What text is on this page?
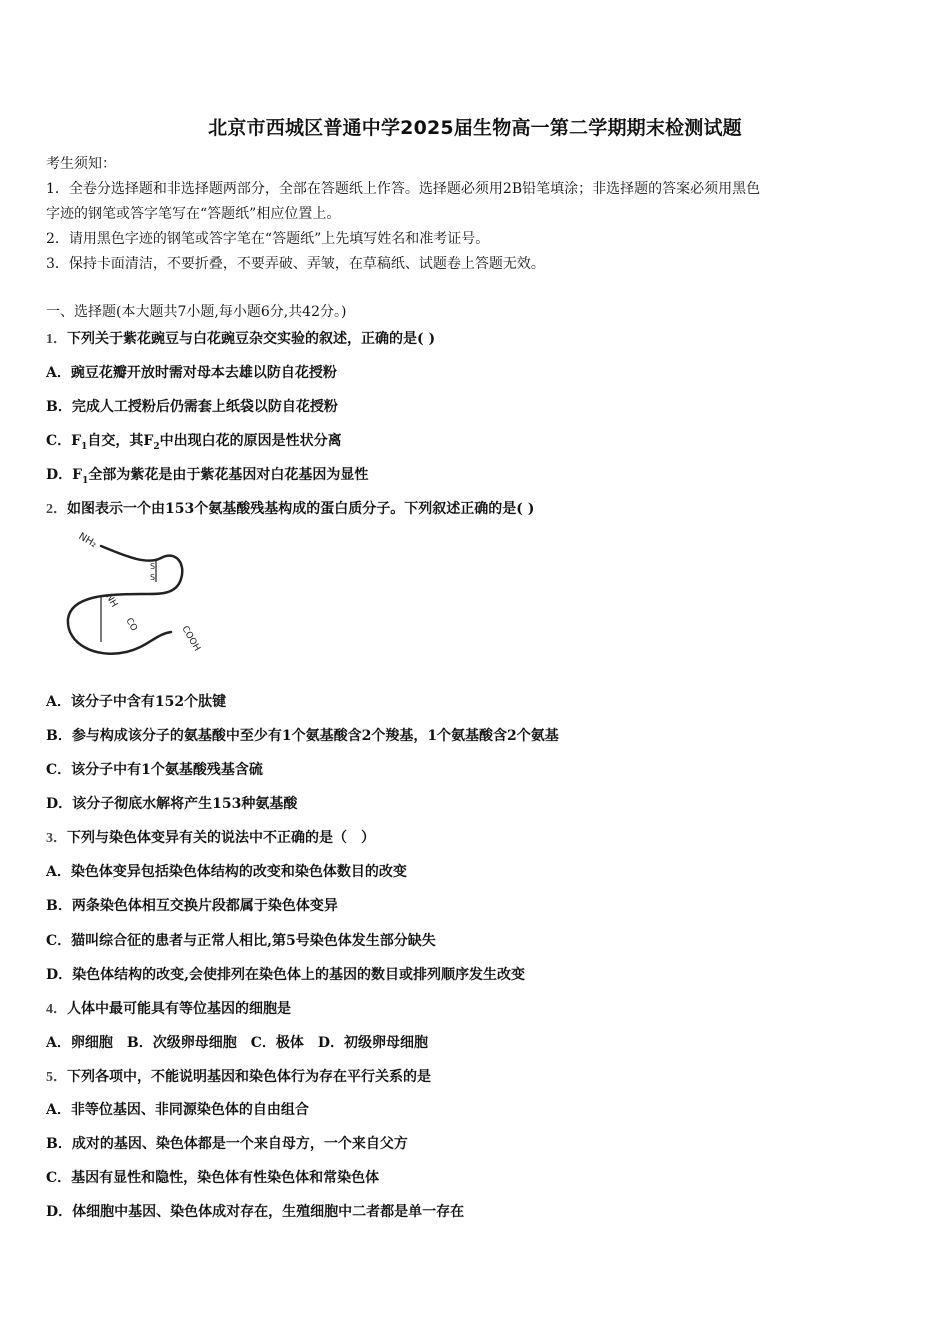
北京市西城区普通中学2025届生物高一第二学期期末检测试题

考生须知：

1．全卷分选择题和非选择题两部分，全部在答题纸上作答。选择题必须用2B铅笔填涂；非选择题的答案必须用黑色

字迹的钢笔或答字笔写在“答题纸”相应位置上。

2．请用黑色字迹的钢笔或答字笔在“答题纸”上先填写姓名和准考证号。

3．保持卡面清洁，不要折叠，不要弄破、弄皱，在草稿纸、试题卷上答题无效。

一、选择题(本大题共7小题,每小题6分,共42分。)
1．下列关于紫花豌豆与白花豌豆杂交实验的叙述，正确的是( )
A．豌豆花瓣开放时需对母本去雄以防自花授粉
B．完成人工授粉后仍需套上纸袋以防自花授粉
C．$F_1$自交，其$F_2$中出现白花的原因是性状分离
D．$F_1$全部为紫花是由于紫花基因对白花基因为显性
2．如图表示一个由153个氨基酸残基构成的蛋白质分子。下列叙述正确的是( )
NH₂
S
S
NH
CO	COOH
A．该分子中含有152个肽键
B．参与构成该分子的氨基酸中至少有1个氨基酸含2个羧基，1个氨基酸含2个氨基
C．该分子中有1个氨基酸残基含硫
D．该分子彻底水解将产生153种氨基酸
3．下列与染色体变异有关的说法中不正确的是（　）
A．染色体变异包括染色体结构的改变和染色体数目的改变
B．两条染色体相互交换片段都属于染色体变异
C．猫叫综合征的患者与正常人相比,第5号染色体发生部分缺失
D．染色体结构的改变,会使排列在染色体上的基因的数目或排列顺序发生改变
4．人体中最可能具有等位基因的细胞是
A．卵细胞 B．次级卵母细胞 C．极体 D．初级卵母细胞
5．下列各项中，不能说明基因和染色体行为存在平行关系的是
A．非等位基因、非同源染色体的自由组合
B．成对的基因、染色体都是一个来自母方，一个来自父方
C．基因有显性和隐性，染色体有性染色体和常染色体
D．体细胞中基因、染色体成对存在，生殖细胞中二者都是单一存在
